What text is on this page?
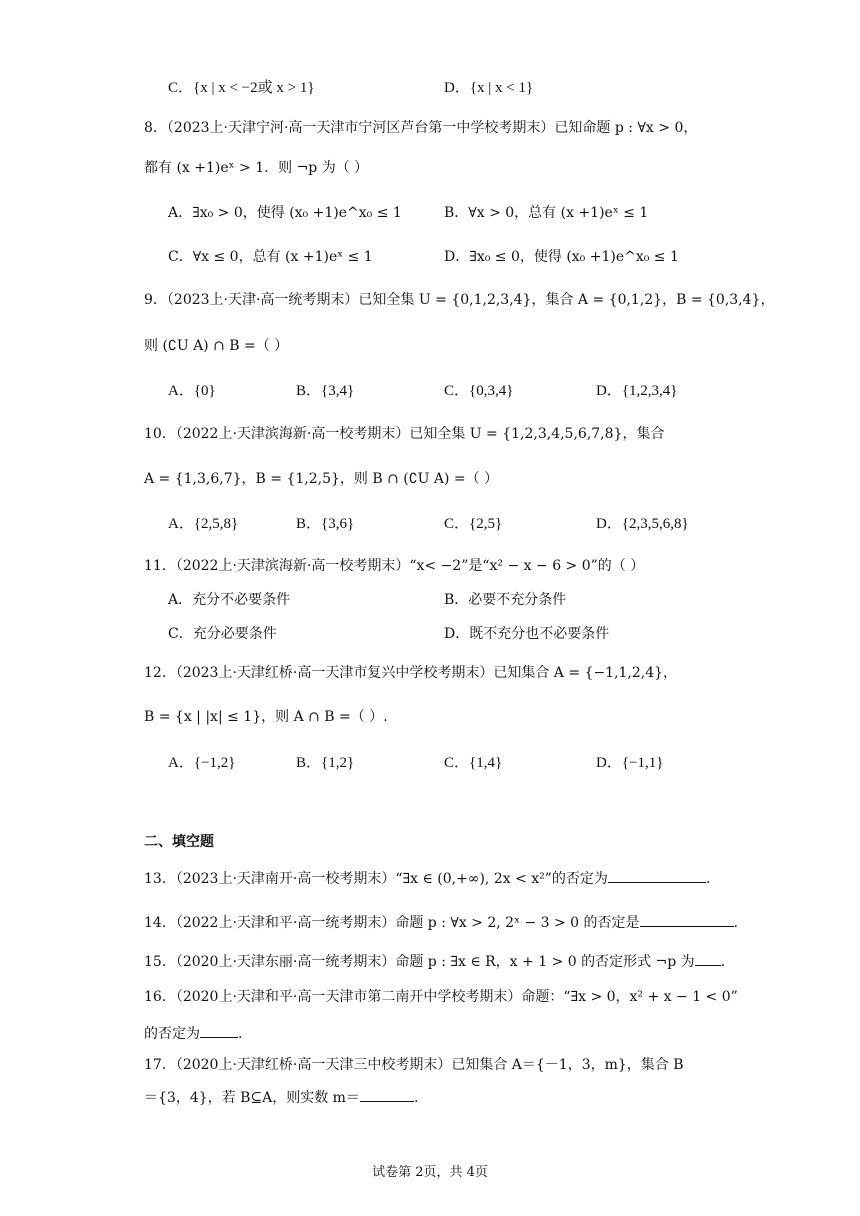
C．{x | x < −2或 x > 1}	D．{x | x < 1}
8．（2023上·天津宁河·高一天津市宁河区芦台第一中学校考期末）已知命题 p : ∀x > 0，
都有 (x +1)eˣ > 1．则 ¬p 为（ ）
A．∃x₀ > 0，使得 (x₀ +1)e^x₀ ≤ 1	B．∀x > 0，总有 (x +1)eˣ ≤ 1
C．∀x ≤ 0，总有 (x +1)eˣ ≤ 1	D．∃x₀ ≤ 0，使得 (x₀ +1)e^x₀ ≤ 1
9．（2023上·天津·高一统考期末）已知全集 U = {0,1,2,3,4}，集合 A = {0,1,2}，B = {0,3,4}，
则 (∁U A) ∩ B =（ ）
A．{0}	B．{3,4}	C．{0,3,4}	D．{1,2,3,4}
10．（2022上·天津滨海新·高一校考期末）已知全集 U = {1,2,3,4,5,6,7,8}，集合
A = {1,3,6,7}，B = {1,2,5}，则 B ∩ (∁U A) =（ ）
A．{2,5,8}	B．{3,6}	C．{2,5}	D．{2,3,5,6,8}
11．（2022上·天津滨海新·高一校考期末）“x< −2”是“x² − x − 6 > 0”的（ ）
A．充分不必要条件	B．必要不充分条件
C．充分必要条件	D．既不充分也不必要条件
12．（2023上·天津红桥·高一天津市复兴中学校考期末）已知集合 A = {−1,1,2,4}，
B = {x | |x| ≤ 1}，则 A ∩ B =（ ）.
A．{−1,2}	B．{1,2}	C．{1,4}	D．{−1,1}
二、填空题
13．（2023上·天津南开·高一校考期末）“∃x ∈ (0,+∞), 2x < x²”的否定为	.
14．（2022上·天津和平·高一统考期末）命题 p : ∀x > 2, 2ˣ − 3 > 0 的否定是	.
15．（2020上·天津东丽·高一统考期末）命题 p : ∃x ∈ R，x + 1 > 0 的否定形式 ¬p 为 .
16．（2020上·天津和平·高一天津市第二南开中学校考期末）命题：“∃x > 0，x² + x − 1 < 0”
的否定为	.
17．（2020上·天津红桥·高一天津三中校考期末）已知集合 A＝{－1，3，m}，集合 B
＝{3，4}，若 B⊆A，则实数 m＝	.
试卷第 2页，共 4页
